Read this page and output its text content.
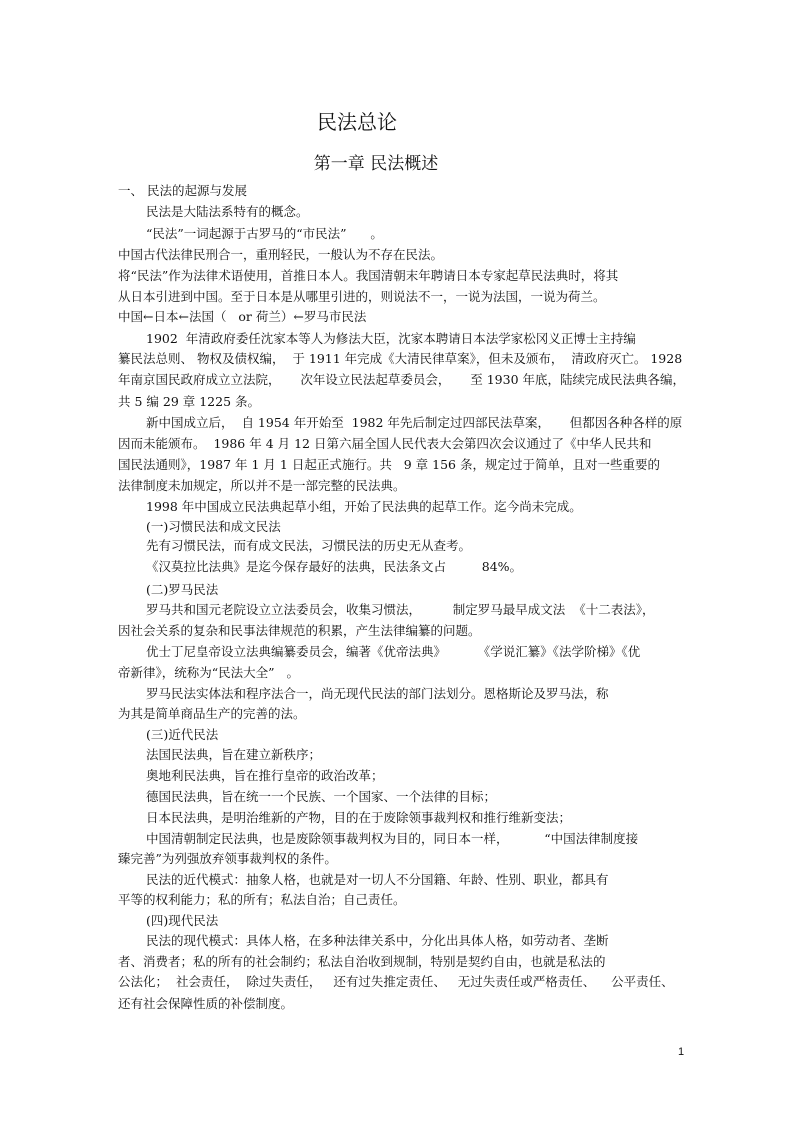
民法总论
第一章 民法概述
一、 民法的起源与发展
民法是大陆法系特有的概念。
“民法”一词起源于古罗马的“市民法”      。
中国古代法律民刑合一，重刑轻民，一般认为不存在民法。
将“民法”作为法律术语使用，首推日本人。我国清朝末年聘请日本专家起草民法典时，将其
从日本引进到中国。至于日本是从哪里引进的，则说法不一，一说为法国，一说为荷兰。
中国←日本←法国（   or 荷兰）←罗马市民法
1902  年清政府委任沈家本等人为修法大臣，沈家本聘请日本法学家松冈义正博士主持编
纂民法总则、 物权及债权编，  于 1911 年完成《大清民律草案》，但未及颁布，  清政府灭亡。 1928
年南京国民政府成立立法院，     次年设立民法起草委员会，     至 1930 年底，陆续完成民法典各编，
共 5 编 29 章 1225 条。
新中国成立后，  自 1954 年开始至  1982 年先后制定过四部民法草案，     但都因各种各样的原
因而未能颁布。  1986 年 4 月 12 日第六届全国人民代表大会第四次会议通过了《中华人民共和
国民法通则》，1987 年 1 月 1 日起正式施行。共   9 章 156 条，规定过于简单，且对一些重要的
法律制度未加规定，所以并不是一部完整的民法典。
1998 年中国成立民法典起草小组，开始了民法典的起草工作。迄今尚未完成。
(一)习惯民法和成文民法
先有习惯民法，而有成文民法，习惯民法的历史无从查考。
《汉莫拉比法典》是迄今保存最好的法典，民法条文占         84%。
(二)罗马民法
罗马共和国元老院设立立法委员会，收集习惯法，        制定罗马最早成文法  《十二表法》，
因社会关系的复杂和民事法律规范的积累，产生法律编纂的问题。
优士丁尼皇帝设立法典编纂委员会，编著《优帝法典》        《学说汇纂》《法学阶梯》《优
帝新律》，统称为“民法大全”   。
罗马民法实体法和程序法合一，尚无现代民法的部门法划分。恩格斯论及罗马法，称
为其是简单商品生产的完善的法。
(三)近代民法
法国民法典，旨在建立新秩序；
奥地利民法典，旨在推行皇帝的政治改革；
德国民法典，旨在统一一个民族、一个国家、一个法律的目标；
日本民法典，是明治维新的产物，目的在于废除领事裁判权和推行维新变法；
中国清朝制定民法典，也是废除领事裁判权为目的，同日本一样，         “中国法律制度接
臻完善”为列强放弃领事裁判权的条件。
民法的近代模式：抽象人格，也就是对一切人不分国籍、年龄、性别、职业，都具有
平等的权利能力；私的所有；私法自治；自己责任。
(四)现代民法
民法的现代模式：具体人格，在多种法律关系中，分化出具体人格，如劳动者、垄断
者、消费者；私的所有的社会制约；私法自治收到规制，特别是契约自由，也就是私法的
公法化；  社会责任，  除过失责任，   还有过失推定责任、   无过失责任或严格责任、    公平责任、
还有社会保障性质的补偿制度。
1
